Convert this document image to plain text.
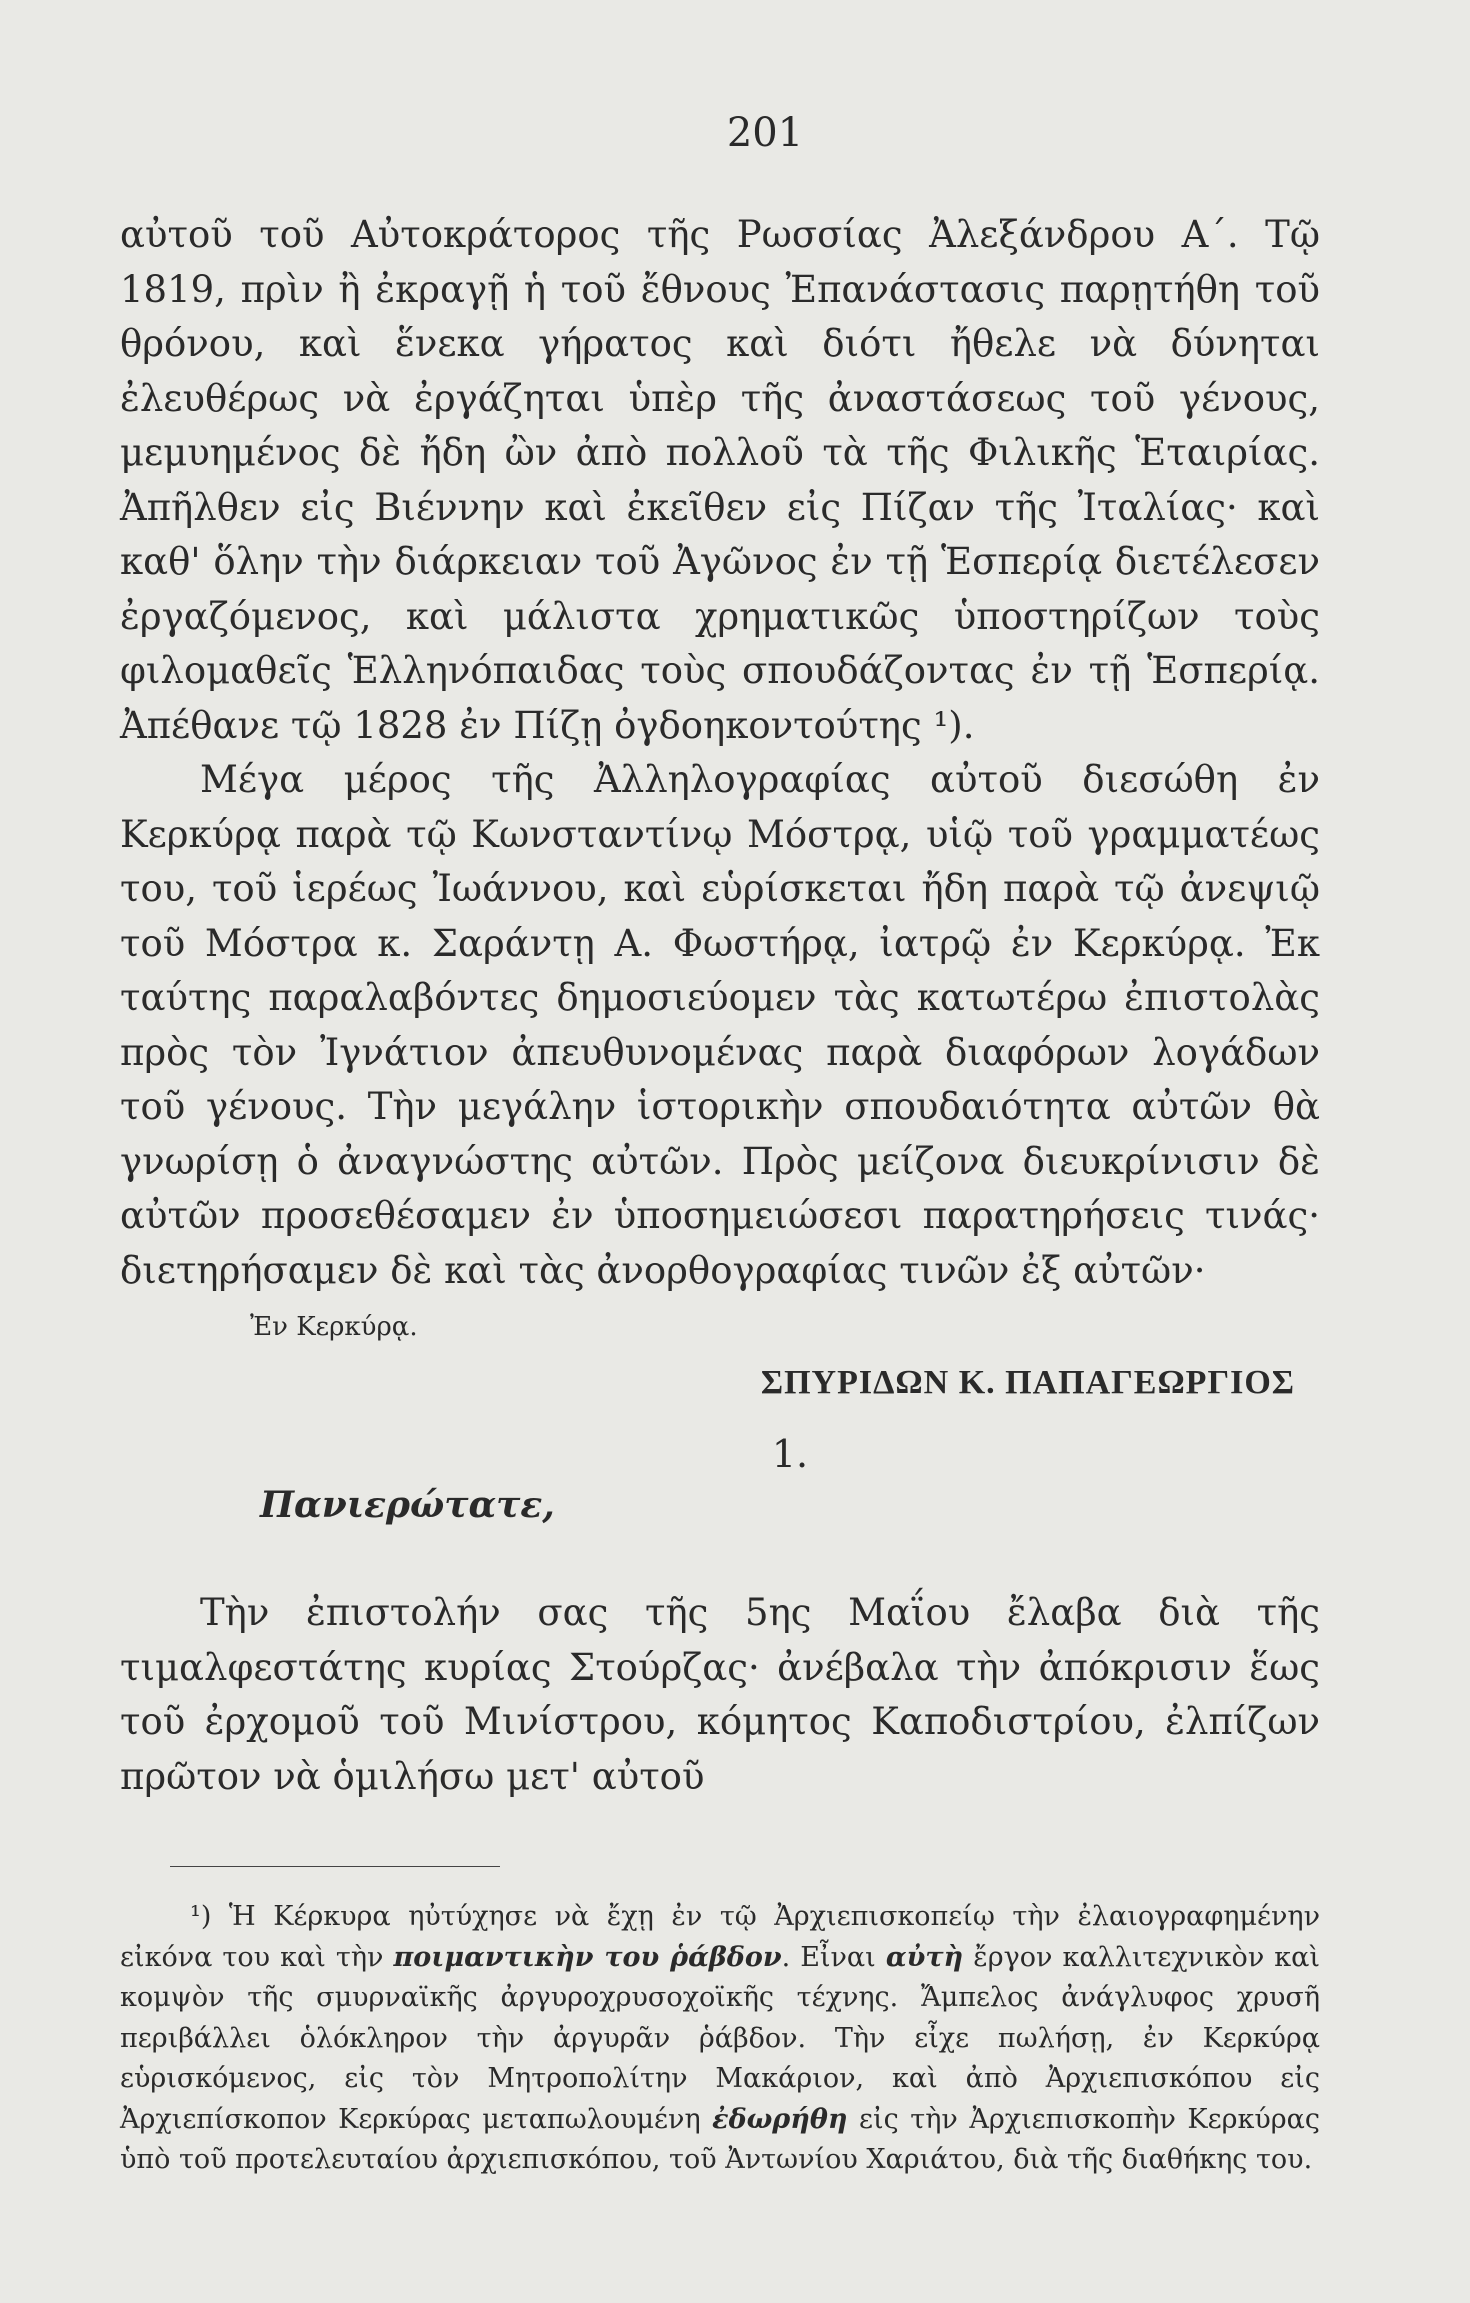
201

αὐτοῦ τοῦ Αὐτοκράτορος τῆς Ρωσσίας Ἀλεξάνδρου Α΄. Τῷ 1819, πρὶν ἢ ἐκραγῇ ἡ τοῦ ἔθνους Ἐπανάστασις παρῃτήθη τοῦ θρόνου, καὶ ἕνεκα γήρατος καὶ διότι ἤθελε νὰ δύνηται ἐλευθέρως νὰ ἐργάζηται ὑπὲρ τῆς ἀναστάσεως τοῦ γένους, μεμυημένος δὲ ἤδη ὢν ἀπὸ πολλοῦ τὰ τῆς Φιλικῆς Ἑταιρίας. Ἀπῆλθεν εἰς Βιέννην καὶ ἐκεῖθεν εἰς Πίζαν τῆς Ἰταλίας· καὶ καθ' ὅλην τὴν διάρκειαν τοῦ Ἀγῶνος ἐν τῇ Ἑσπερίᾳ διετέλεσεν ἐργαζόμενος, καὶ μάλιστα χρηματικῶς ὑποστηρίζων τοὺς φιλομαθεῖς Ἑλληνόπαιδας τοὺς σπουδάζοντας ἐν τῇ Ἑσπερίᾳ. Ἀπέθανε τῷ 1828 ἐν Πίζῃ ὀγδοηκοντούτης ¹).

Μέγα μέρος τῆς Ἀλληλογραφίας αὐτοῦ διεσώθη ἐν Κερκύρᾳ παρὰ τῷ Κωνσταντίνῳ Μόστρᾳ, υἱῷ τοῦ γραμματέως του, τοῦ ἱερέως Ἰωάννου, καὶ εὑρίσκεται ἤδη παρὰ τῷ ἀνεψιῷ τοῦ Μόστρα κ. Σαράντῃ Α. Φωστήρᾳ, ἰατρῷ ἐν Κερκύρᾳ. Ἐκ ταύτης παραλαβόντες δημοσιεύομεν τὰς κατωτέρω ἐπιστολὰς πρὸς τὸν Ἰγνάτιον ἀπευθυνομένας παρὰ διαφόρων λογάδων τοῦ γένους. Τὴν μεγάλην ἱστορικὴν σπουδαιότητα αὐτῶν θὰ γνωρίσῃ ὁ ἀναγνώστης αὐτῶν. Πρὸς μείζονα διευκρίνισιν δὲ αὐτῶν προσεθέσαμεν ἐν ὑποσημειώσεσι παρατηρήσεις τινάς· διετηρήσαμεν δὲ καὶ τὰς ἀνορθογραφίας τινῶν ἐξ αὐτῶν·

Ἐν Κερκύρᾳ.
ΣΠΥΡΙΔΩΝ Κ. ΠΑΠΑΓΕΩΡΓΙΟΣ
1.
Πανιερώτατε,

Τὴν ἐπιστολήν σας τῆς 5ης Μαΐου ἔλαβα διὰ τῆς τιμαλφεστάτης κυρίας Στούρζας· ἀνέβαλα τὴν ἀπόκρισιν ἕως τοῦ ἐρχομοῦ τοῦ Μινίστρου, κόμητος Καποδιστρίου, ἐλπίζων πρῶτον νὰ ὁμιλήσω μετ' αὐτοῦ

¹) Ἡ Κέρκυρα ηὐτύχησε νὰ ἔχῃ ἐν τῷ Ἀρχιεπισκοπείῳ τὴν ἐλαιογραφημένην εἰκόνα του καὶ τὴν ποιμαντικὴν του ῥάβδον. Εἶναι αὐτὴ ἔργον καλλιτεχνικὸν καὶ κομψὸν τῆς σμυρναϊκῆς ἀργυροχρυσοχοϊκῆς τέχνης. Ἄμπελος ἀνάγλυφος χρυσῆ περιβάλλει ὁλόκληρον τὴν ἀργυρᾶν ῥάβδον. Τὴν εἶχε πωλήσῃ, ἐν Κερκύρᾳ εὑρισκόμενος, εἰς τὸν Μητροπολίτην Μακάριον, καὶ ἀπὸ Ἀρχιεπισκόπου εἰς Ἀρχιεπίσκοπον Κερκύρας μεταπωλουμένη ἐδωρήθη εἰς τὴν Ἀρχιεπισκοπὴν Κερκύρας ὑπὸ τοῦ προτελευταίου ἀρχιεπισκόπου, τοῦ Ἀντωνίου Χαριάτου, διὰ τῆς διαθήκης του.
